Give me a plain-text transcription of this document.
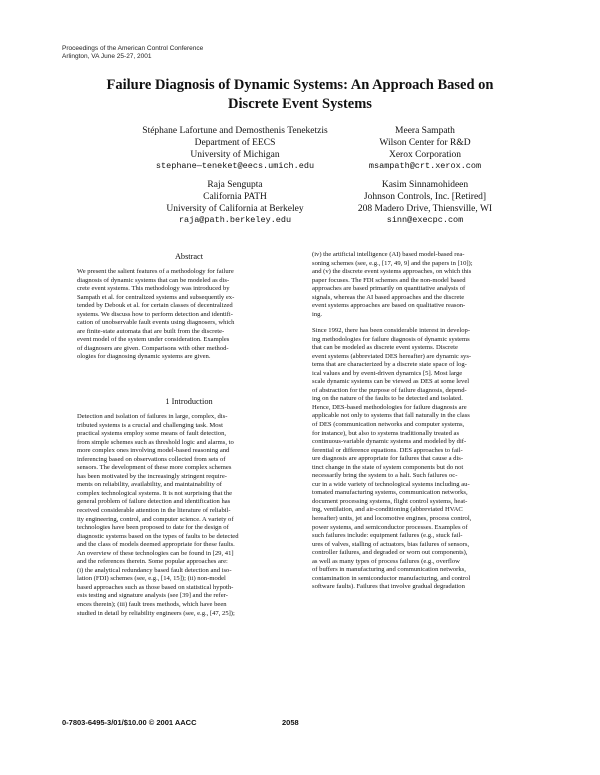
Proceedings of the American Control Conference
Arlington, VA June 25-27, 2001
Failure Diagnosis of Dynamic Systems: An Approach Based on
Discrete Event Systems
Stéphane Lafortune and Demosthenis Teneketzis
Department of EECS
University of Michigan
stephane—teneket@eecs.umich.edu
Meera Sampath
Wilson Center for R&D
Xerox Corporation
msampath@crt.xerox.com
Raja Sengupta
California PATH
University of California at Berkeley
raja@path.berkeley.edu
Kasim Sinnamohideen
Johnson Controls, Inc. [Retired]
208 Madero Drive, Thiensville, WI
sinn@execpc.com
Abstract

We present the salient features of a methodology for failure

diagnosis of dynamic systems that can be modeled as dis-

crete event systems. This methodology was introduced by

Sampath et al. for centralized systems and subsequently ex-

tended by Debouk et al. for certain classes of decentralized

systems. We discuss how to perform detection and identifi-

cation of unobservable fault events using diagnosers, which

are finite-state automata that are built from the discrete-

event model of the system under consideration. Examples

of diagnosers are given. Comparisons with other method-

ologies for diagnosing dynamic systems are given.

1 Introduction

Detection and isolation of failures in large, complex, dis-

tributed systems is a crucial and challenging task. Most

practical systems employ some means of fault detection,

from simple schemes such as threshold logic and alarms, to

more complex ones involving model-based reasoning and

inferencing based on observations collected from sets of

sensors. The development of these more complex schemes

has been motivated by the increasingly stringent require-

ments on reliability, availability, and maintainability of

complex technological systems. It is not surprising that the

general problem of failure detection and identification has

received considerable attention in the literature of reliabil-

ity engineering, control, and computer science. A variety of

technologies have been proposed to date for the design of

diagnostic systems based on the types of faults to be detected

and the class of models deemed appropriate for these faults.

An overview of these technologies can be found in [29, 41]

and the references therein. Some popular approaches are:

(i) the analytical redundancy based fault detection and iso-

lation (FDI) schemes (see, e.g., [14, 15]); (ii) non-model

based approaches such as those based on statistical hypoth-

esis testing and signature analysis (see [39] and the refer-

ences therein); (iii) fault trees methods, which have been

studied in detail by reliability engineers (see, e.g., [47, 25]);

(iv) the artificial intelligence (AI) based model-based rea-

soning schemes (see, e.g., [17, 49, 9] and the papers in [10]);

and (v) the discrete event systems approaches, on which this

paper focuses. The FDI schemes and the non-model based

approaches are based primarily on quantitative analysis of

signals, whereas the AI based approaches and the discrete

event systems approaches are based on qualitative reason-

ing.

Since 1992, there has been considerable interest in develop-

ing methodologies for failure diagnosis of dynamic systems

that can be modeled as discrete event systems. Discrete

event systems (abbreviated DES hereafter) are dynamic sys-

tems that are characterized by a discrete state space of log-

ical values and by event-driven dynamics [5]. Most large

scale dynamic systems can be viewed as DES at some level

of abstraction for the purpose of failure diagnosis, depend-

ing on the nature of the faults to be detected and isolated.

Hence, DES-based methodologies for failure diagnosis are

applicable not only to systems that fall naturally in the class

of DES (communication networks and computer systems,

for instance), but also to systems traditionally treated as

continuous-variable dynamic systems and modeled by dif-

ferential or difference equations. DES approaches to fail-

ure diagnosis are appropriate for failures that cause a dis-

tinct change in the state of system components but do not

necessarily bring the system to a halt. Such failures oc-

cur in a wide variety of technological systems including au-

tomated manufacturing systems, communication networks,

document processing systems, flight control systems, heat-

ing, ventilation, and air-conditioning (abbreviated HVAC

hereafter) units, jet and locomotive engines, process control,

power systems, and semiconductor processes. Examples of

such failures include: equipment failures (e.g., stuck fail-

ures of valves, stalling of actuators, bias failures of sensors,

controller failures, and degraded or worn out components),

as well as many types of process failures (e.g., overflow

of buffers in manufacturing and communication networks,

contamination in semiconductor manufacturing, and control

software faults). Failures that involve gradual degradation

0-7803-6495-3/01/$10.00 © 2001 AACC	2058
